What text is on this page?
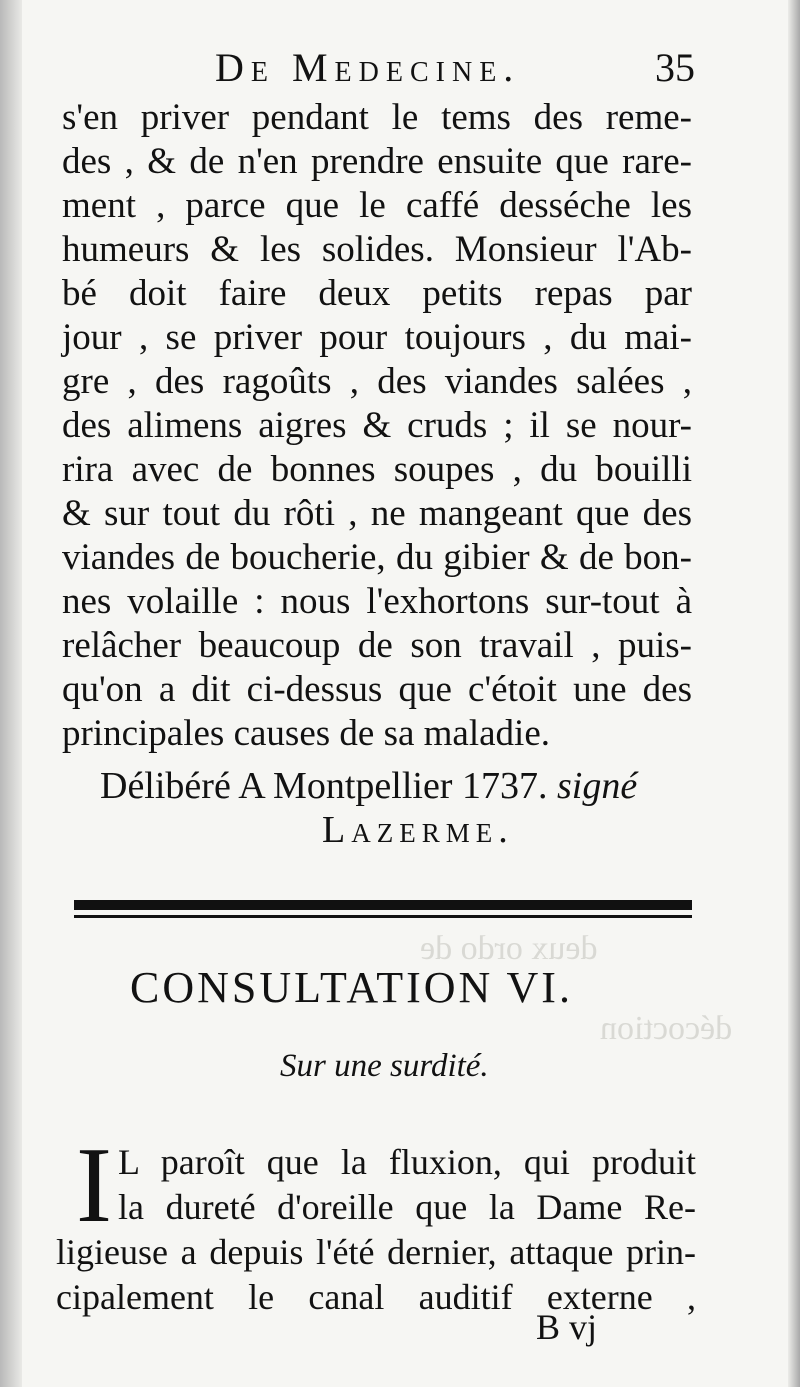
deux ordo de
décoction
De Medecine.	35
s'en priver pendant le tems des reme-
des , & de n'en prendre ensuite que rare-
ment , parce que le caffé desséche les
humeurs & les solides. Monsieur l'Ab-
bé doit faire deux petits repas par
jour , se priver pour toujours , du mai-
gre , des ragoûts , des viandes salées ,
des alimens aigres & cruds ; il se nour-
rira avec de bonnes soupes , du bouilli
& sur tout du rôti , ne mangeant que des
viandes de boucherie, du gibier & de bon-
nes volaille : nous l'exhortons sur-tout à
relâcher beaucoup de son travail , puis-
qu'on a dit ci-dessus que c'étoit une des
principales causes de sa maladie.
Délibéré A Montpellier 1737. signé
Lazerme.
CONSULTATION VI.
Sur une surdité.
I L paroît que la fluxion, qui produit
la dureté d'oreille que la Dame Re-
ligieuse a depuis l'été dernier, attaque prin-
cipalement le canal auditif externe ,
B vj
